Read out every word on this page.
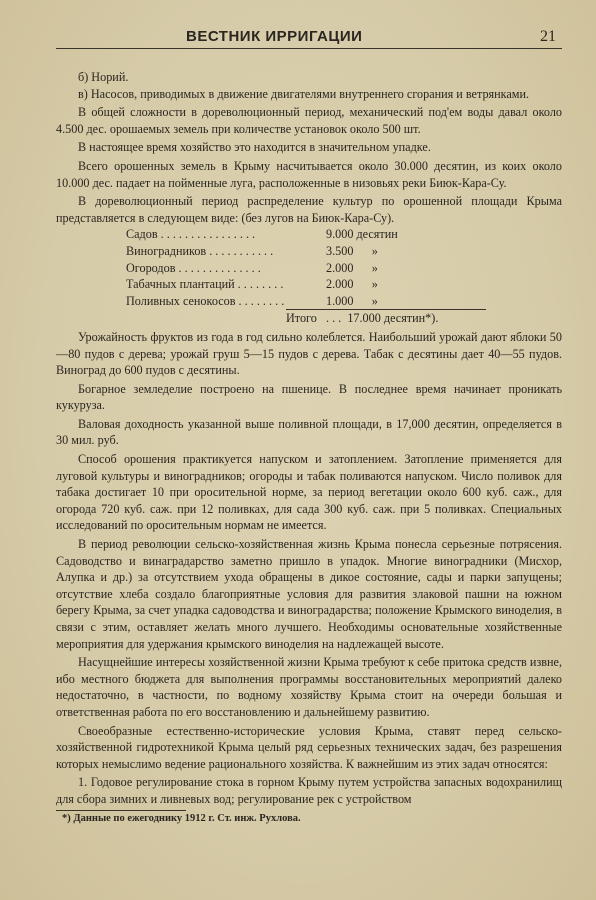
ВЕСТНИК ИРРИГАЦИИ	21

б) Норий.

в) Насосов, приводимых в движение двигателями внутреннего сгорания и ветрянками.

В общей сложности в дореволюционный период, механический под'ем воды давал около 4.500 дес. орошаемых земель при количестве установок около 500 шт.

В настоящее время хозяйство это находится в значительном упадке.

Всего орошенных земель в Крыму насчитывается около 30.000 десятин, из коих около 10.000 дес. падает на пойменные луга, расположенные в низовьях реки Биюк-Кара-Су.

В дореволюционный период распределение культур по орошенной площади Крыма представляется в следующем виде: (без лугов на Биюк-Кара-Су).

Садов . . . . . . . . . . . . . . . .	9.000 десятин
Виноградников . . . . . . . . . . .	3.500      »
Огородов . . . . . . . . . . . . . .	2.000      »
Табачных плантаций . . . . . . . .	2.000      »
Поливных сенокосов . . . . . . . .	1.000      »
Итого   . . .  17.000 десятин*).

Урожайность фруктов из года в год сильно колеблется. Наибольший урожай дают яблоки 50—80 пудов с дерева; урожай груш 5—15 пудов с дерева. Табак с десятины дает 40—55 пудов. Виноград до 600 пудов с десятины.

Богарное земледелие построено на пшенице. В последнее время начинает проникать кукуруза.

Валовая доходность указанной выше поливной площади, в 17,000 десятин, определяется в 30 мил. руб.

Способ орошения практикуется напуском и затоплением. Затопление применяется для луговой культуры и виноградников; огороды и табак поливаются напуском. Число поливок для табака достигает 10 при оросительной норме, за период вегетации около 600 куб. саж., для огорода 720 куб. саж. при 12 поливках, для сада 300 куб. саж. при 5 поливках. Специальных исследований по оросительным нормам не имеется.

В период революции сельско-хозяйственная жизнь Крыма понесла серьезные потрясения. Садоводство и винаградарство заметно пришло в упадок. Многие виноградники (Мисхор, Алупка и др.) за отсутствием ухода обращены в дикое состояние, сады и парки запущены; отсутствие хлеба создало благоприятные условия для развития злаковой пашни на южном берегу Крыма, за счет упадка садоводства и виноградарства; положение Крымского виноделия, в связи с этим, оставляет желать много лучшего. Необходимы основательные хозяйственные мероприятия для удержания крымского виноделия на надлежащей высоте.

Насущнейшие интересы хозяйственной жизни Крыма требуют к себе притока средств извне, ибо местного бюджета для выполнения программы восстановительных мероприятий далеко недостаточно, в частности, по водному хозяйству Крыма стоит на очереди большая и ответственная работа по его восстановлению и дальнейшему развитию.

Своеобразные естественно-исторические условия Крыма, ставят перед сельско-хозяйственной гидротехникой Крыма целый ряд серьезных технических задач, без разрешения которых немыслимо ведение рационального хозяйства. К важнейшим из этих задач относятся:

1. Годовое регулирование стока в горном Крыму путем устройства запасных водохранилищ для сбора зимних и ливневых вод; регулирование рек с устройством

*) Данные по ежегоднику 1912 г. Ст. инж. Рухлова.
